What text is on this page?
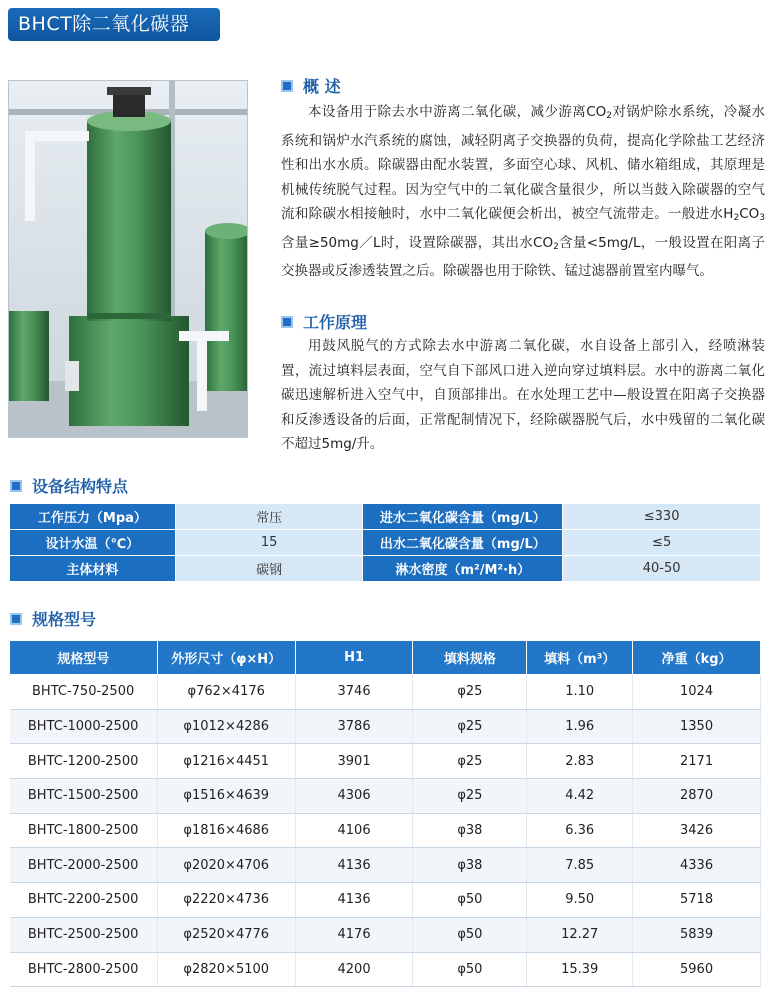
BHCT除二氧化碳器
概 述
本设备用于除去水中游离二氧化碳，减少游离$CO_2$对锅炉除水系统，冷凝水系统和锅炉水汽系统的腐蚀，减轻阴离子交换器的负荷，提高化学除盐工艺经济性和出水水质。除碳器由配水装置，多面空心球、风机、储水箱组成，其原理是机械传统脱气过程。因为空气中的二氧化碳含量很少，所以当鼓入除碳器的空气流和除碳水相接触时，水中二氧化碳便会析出，被空气流带走。一般进水$H_2CO_3$含量≥50mg／L时，设置除碳器，其出水$CO_2$含量<5mg/L，一般设置在阳离子交换器或反渗透装置之后。除碳器也用于除铁、锰过滤器前置室内曝气。
工作原理
用鼓风脱气的方式除去水中游离二氧化碳，水自设备上部引入，经喷淋装置，流过填料层表面，空气自下部风口进入逆向穿过填料层。水中的游离二氧化碳迅速解析进入空气中，自顶部排出。在水处理工艺中—般设置在阳离子交换器和反渗透设备的后面，正常配制情况下，经除碳器脱气后，水中残留的二氧化碳不超过5mg/升。
设备结构特点
工作压力（Mpa）	常压	进水二氧化碳含量（mg/L）	≤330
设计水温（℃）	15	出水二氧化碳含量（mg/L）	≤5
主体材料	碳钢	淋水密度（m²/M²·h）	40-50
规格型号
规格型号	外形尺寸（φ×H）	H1	填料规格	填料（m³）	净重（kg）
BHTC-750-2500	φ762×4176	3746	φ25	1.10	1024
BHTC-1000-2500	φ1012×4286	3786	φ25	1.96	1350
BHTC-1200-2500	φ1216×4451	3901	φ25	2.83	2171
BHTC-1500-2500	φ1516×4639	4306	φ25	4.42	2870
BHTC-1800-2500	φ1816×4686	4106	φ38	6.36	3426
BHTC-2000-2500	φ2020×4706	4136	φ38	7.85	4336
BHTC-2200-2500	φ2220×4736	4136	φ50	9.50	5718
BHTC-2500-2500	φ2520×4776	4176	φ50	12.27	5839
BHTC-2800-2500	φ2820×5100	4200	φ50	15.39	5960
